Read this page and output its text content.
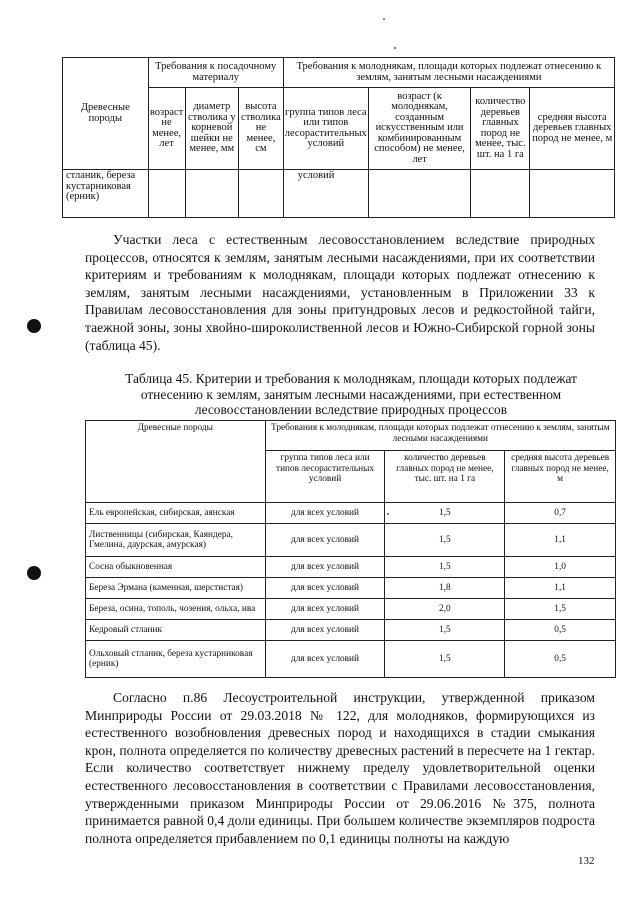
Древесные породы	Требования к посадочному материалу			Требования к молоднякам, площади которых подлежат отнесению к землям, занятым лесными насаждениями			
	возраст не менее, лет	диаметр стволика у корневой шейки не менее, мм	высота стволика не менее, см	группа типов леса или типов лесорастительных условий	возраст (к молоднякам, созданным искусственным или комбинированным способом) не менее, лет	количество деревьев главных пород не менее, тыс. шт. на 1 га	средняя высота деревьев главных пород не менее, м
стланик, береза кустарниковая (ерник)				условий			
Участки леса с естественным лесовосстановлением вследствие природных процессов, относятся к землям, занятым лесными насаждениями, при их соответствии критериям и требованиям к молоднякам, площади которых подлежат отнесению к землям, занятым лесными насаждениями, установленным в Приложении 33 к Правилам лесовосстановления для зоны притундровых лесов и редкостойной тайги, таежной зоны, зоны хвойно-широколиственной лесов и Южно-Сибирской горной зоны (таблица 45).
Таблица 45. Критерии и требования к молоднякам, площади которых подлежат отнесению к землям, занятым лесными насаждениями, при естественном лесовосстановлении вследствие природных процессов
Древесные породы	Требования к молоднякам, площади которых подлежат отнесению к землям, занятым лесными насаждениями		
	группа типов леса или типов лесорастительных условий	количество деревьев главных пород не менее, тыс. шт. на 1 га	средняя высота деревьев главных пород не менее, м
Ель европейская, сибирская, аянская	для всех условий	1,5	0,7
Лиственницы (сибирская, Каяндера, Гмелина, даурская, амурская)	для всех условий	1,5	1,1
Сосна обыкновенная	для всех условий	1,5	1,0
Береза Эрмана (каменная, шерстистая)	для всех условий	1,8	1,1
Береза, осина, тополь, чозения, ольха, ива	для всех условий	2,0	1,5
Кедровый стланик	для всех условий	1,5	0,5
Ольховый стланик, береза кустарниковая (ерник)	для всех условий	1,5	0,5
Согласно п.86 Лесоустроительной инструкции, утвержденной приказом Минприроды России от 29.03.2018 № 122, для молодняков, формирующихся из естественного возобновления древесных пород и находящихся в стадии смыкания крон, полнота определяется по количеству древесных растений в пересчете на 1 гектар. Если количество соответствует нижнему пределу удовлетворительной оценки естественного лесовосстановления в соответствии с Правилами лесовосстановления, утвержденными приказом Минприроды России от 29.06.2016 №375, полнота принимается равной 0,4 доли единицы. При большем количестве экземпляров подроста полнота определяется прибавлением по 0,1 единицы полноты на каждую
132
